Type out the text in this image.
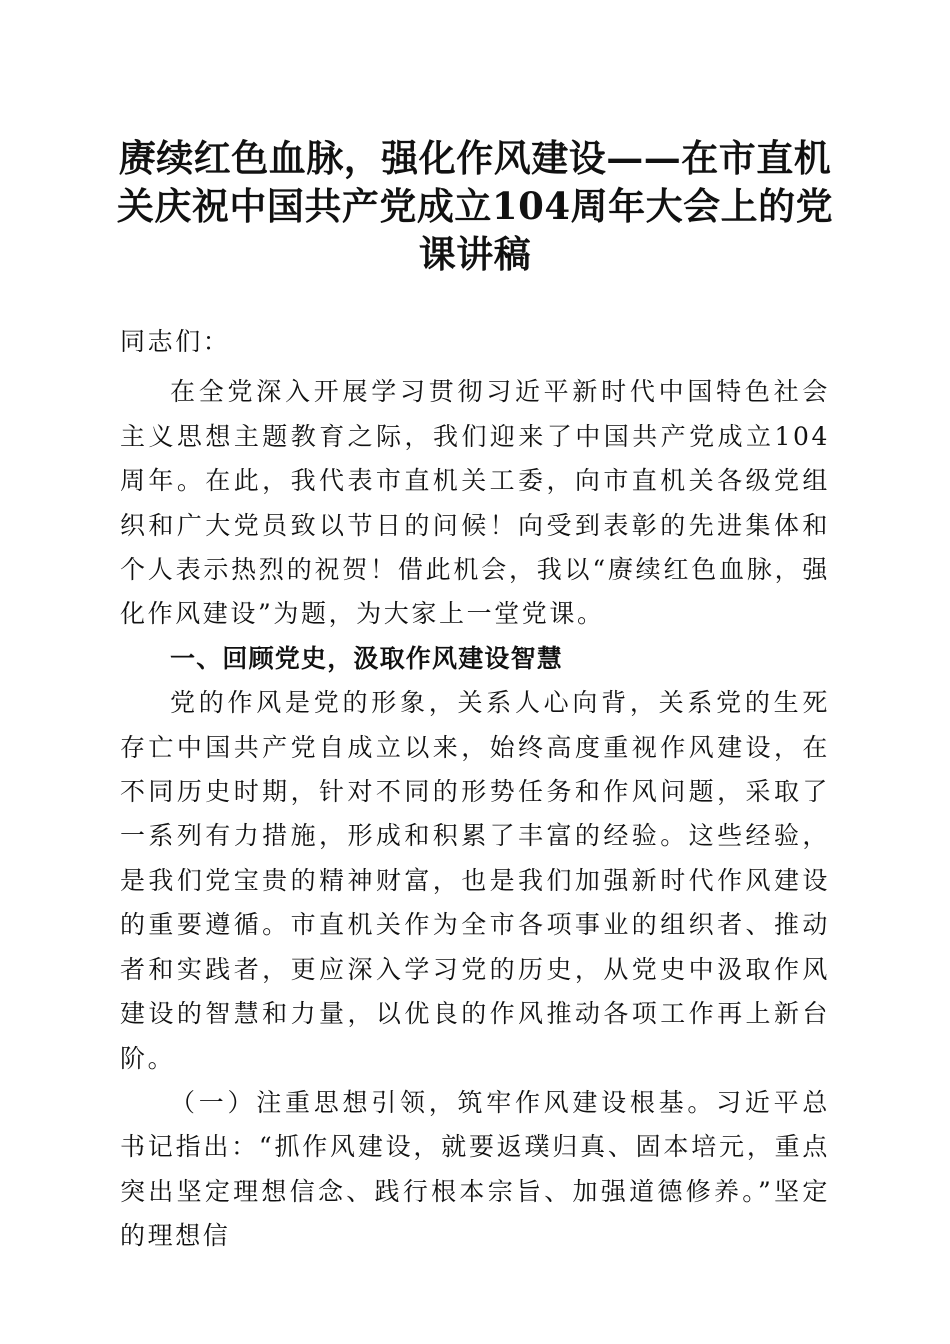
赓续红色血脉，强化作风建设——在市直机关庆祝中国共产党成立104周年大会上的党课讲稿

同志们：

在全党深入开展学习贯彻习近平新时代中国特色社会主义思想主题教育之际，我们迎来了中国共产党成立104周年。在此，我代表市直机关工委，向市直机关各级党组织和广大党员致以节日的问候！向受到表彰的先进集体和个人表示热烈的祝贺！借此机会，我以“赓续红色血脉，强化作风建设”为题，为大家上一堂党课。

一、回顾党史，汲取作风建设智慧

党的作风是党的形象，关系人心向背，关系党的生死存亡中国共产党自成立以来，始终高度重视作风建设，在不同历史时期，针对不同的形势任务和作风问题，采取了一系列有力措施，形成和积累了丰富的经验。这些经验，是我们党宝贵的精神财富，也是我们加强新时代作风建设的重要遵循。市直机关作为全市各项事业的组织者、推动者和实践者，更应深入学习党的历史，从党史中汲取作风建设的智慧和力量，以优良的作风推动各项工作再上新台阶。

（一）注重思想引领，筑牢作风建设根基。习近平总书记指出：“抓作风建设，就要返璞归真、固本培元，重点突出坚定理想信念、践行根本宗旨、加强道德修养。”坚定的理想信
